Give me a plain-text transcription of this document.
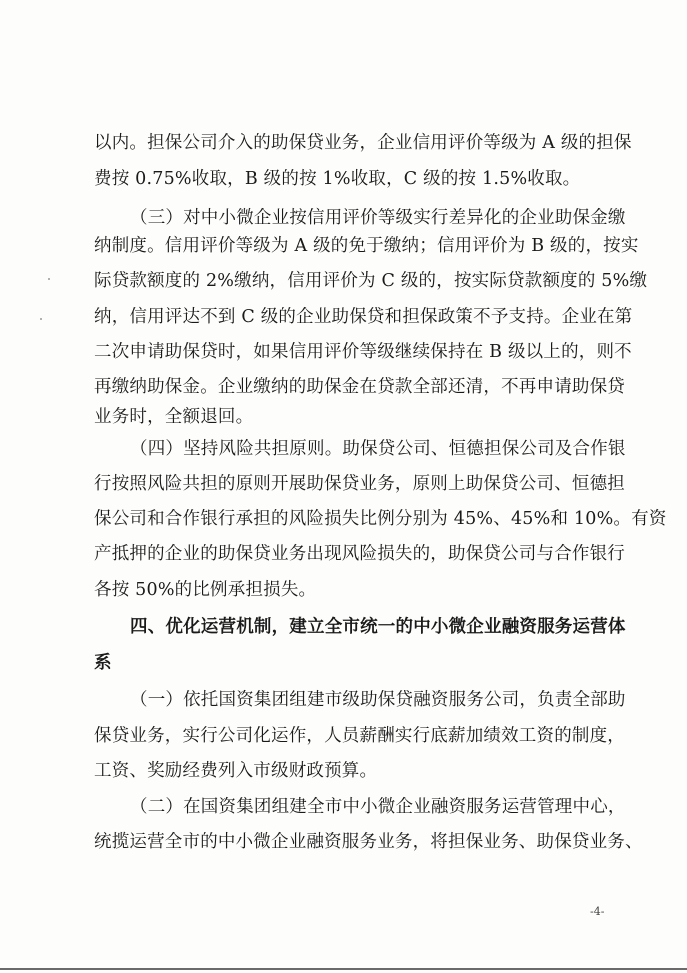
以内。担保公司介入的助保贷业务，企业信用评价等级为 A 级的担保
费按 0.75%收取，B 级的按 1%收取，C 级的按 1.5%收取。
（三）对中小微企业按信用评价等级实行差异化的企业助保金缴
纳制度。信用评价等级为 A 级的免于缴纳；信用评价为 B 级的，按实
际贷款额度的 2%缴纳，信用评价为 C 级的，按实际贷款额度的 5%缴
纳，信用评达不到 C 级的企业助保贷和担保政策不予支持。企业在第
二次申请助保贷时，如果信用评价等级继续保持在 B 级以上的，则不
再缴纳助保金。企业缴纳的助保金在贷款全部还清，不再申请助保贷
业务时，全额退回。
（四）坚持风险共担原则。助保贷公司、恒德担保公司及合作银
行按照风险共担的原则开展助保贷业务，原则上助保贷公司、恒德担
保公司和合作银行承担的风险损失比例分别为 45%、45%和 10%。有资
产抵押的企业的助保贷业务出现风险损失的，助保贷公司与合作银行
各按 50%的比例承担损失。
四、优化运营机制，建立全市统一的中小微企业融资服务运营体
系
（一）依托国资集团组建市级助保贷融资服务公司，负责全部助
保贷业务，实行公司化运作，人员薪酬实行底薪加绩效工资的制度，
工资、奖励经费列入市级财政预算。
（二）在国资集团组建全市中小微企业融资服务运营管理中心，
统揽运营全市的中小微企业融资服务业务，将担保业务、助保贷业务、
-4-
